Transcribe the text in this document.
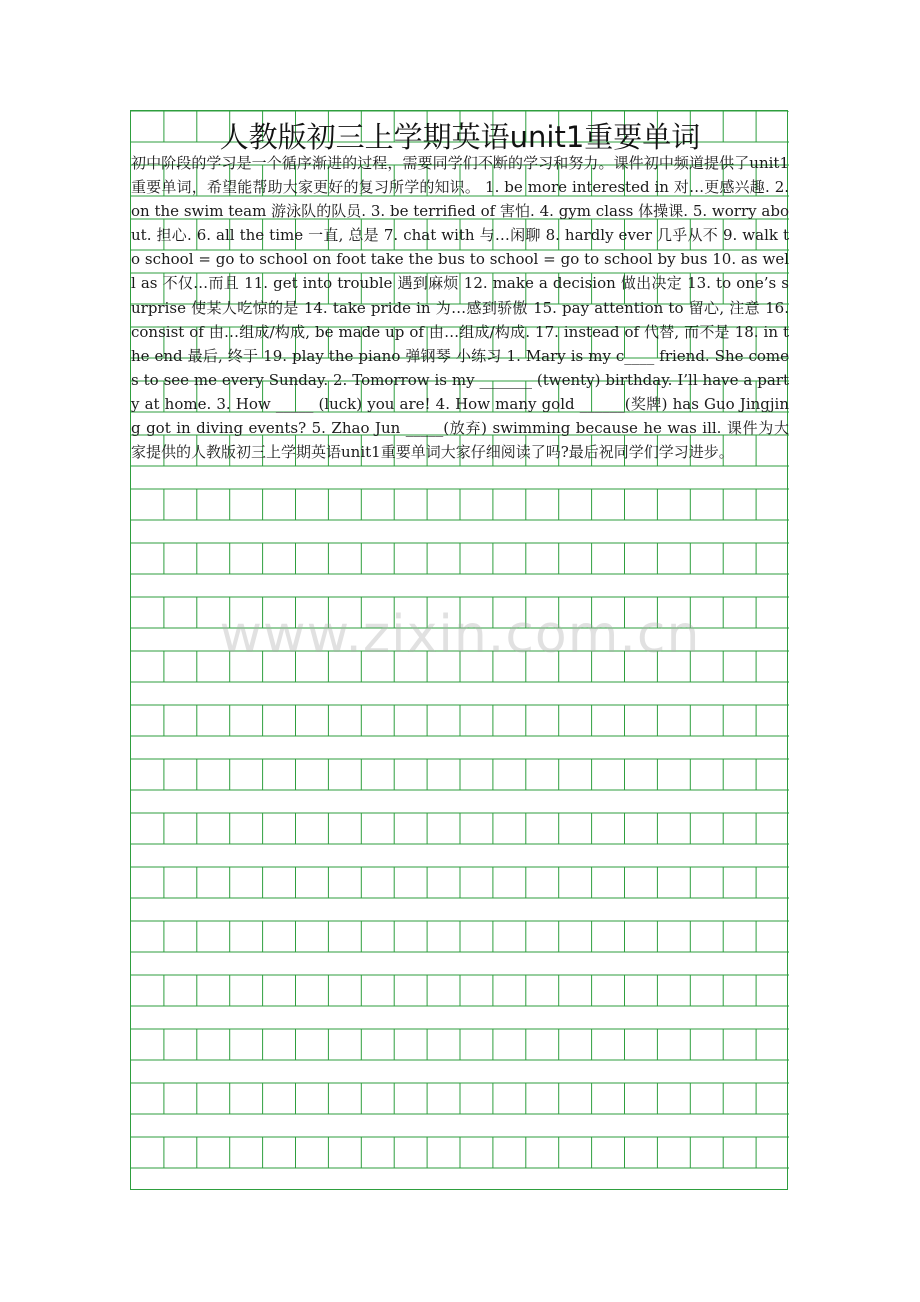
人教版初三上学期英语unit1重要单词
初中阶段的学习是一个循序渐进的过程，需要同学们不断的学习和努力。课件初中频道提供了unit1重要单词，希望能帮助大家更好的复习所学的知识。 1. be more interested in 对…更感兴趣. 2. on the swim team 游泳队的队员. 3. be terrified of 害怕. 4. gym class 体操课. 5. worry about. 担心. 6. all the time 一直, 总是 7. chat with 与…闲聊 8. hardly ever 几乎从不 9. walk to school = go to school on foot take the bus to school = go to school by bus 10. as well as 不仅…而且 11. get into trouble 遇到麻烦 12. make a decision 做出决定 13. to one’s surprise 使某人吃惊的是 14. take pride in 为…感到骄傲 15. pay attention to 留心, 注意 16. consist of 由…组成/构成, be made up of 由…组成/构成. 17. instead of 代替, 而不是 18. in the end 最后, 终于 19. play the piano 弹钢琴 小练习 1. Mary is my c____ friend. She comes to see me every Sunday. 2. Tomorrow is my _______ (twenty) birthday. I’ll have a party at home. 3. How _____ (luck) you are! 4. How many gold ______(奖牌) has Guo Jingjing got in diving events? 5. Zhao Jun _____(放弃) swimming because he was ill. 课件为大家提供的人教版初三上学期英语unit1重要单词大家仔细阅读了吗?最后祝同学们学习进步。
www.zixin.com.cn
